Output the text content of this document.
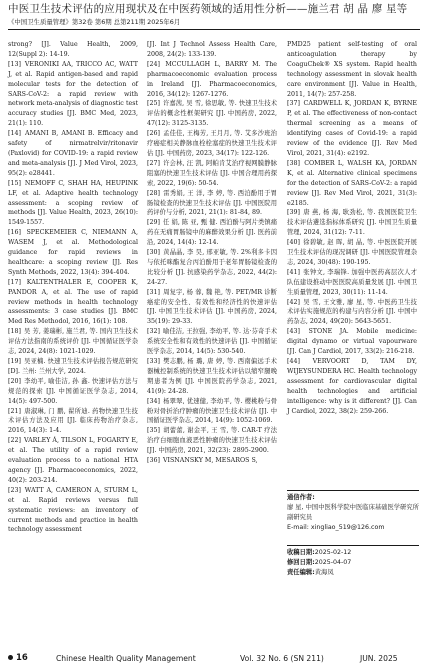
中医卫生技术评估的应用现状及在中医药领域的适用性分析——施兰君 胡 晶 廖 星等
《中国卫生质量管理》第32卷 第6期 总第211期 2025年6月
strong? [J]. Value Health, 2009, 12(Suppl 2): 14-19.
[13] VERONIKI AA, TRICCO AC, WATT J, et al. Rapid antigen-based and rapid molecular tests for the detection of SARS-CoV-2: a rapid review with network meta-analysis of diagnostic test accuracy studies [J]. BMC Med, 2023, 21(1): 110.
[14] AMANI B, AMANI B. Efficacy and safety of nirmatrelvir/ritonavir (Paxlovid) for COVID-19: a rapid review and meta-analysis [J]. J Med Virol, 2023, 95(2): e28441.
[15] NEMOFF C, SHAH HA, HEUPINK LF, et al. Adaptive health technology assessment: a scoping review of methods [J]. Value Health, 2023, 26(10): 1549-1557.
[16] SPECKEMEIER C, NIEMANN A, WASEM J, et al. Methodological guidance for rapid reviews in healthcare: a scoping review [J]. Res Synth Methods, 2022, 13(4): 394-404.
[17] KALTENTHALER E, COOPER K, PANDOR A, et al. The use of rapid review methods in health technology assessments: 3 case studies [J]. BMC Med Res Methodol, 2016, 16(1): 108.
[18] 吴 芳, 姜瑞彬, 施兰君, 等. 国内卫生技术评估方法指南的系统评价 [J]. 中国循证医学杂志, 2024, 24(8): 1021-1029.
[19] 吴亚楠. 快速卫生技术评估报告规范研究 [D]. 兰州: 兰州大学, 2024.
[20] 李幼平, 喻佳洁, 孙 鑫. 快速评估方法与规范的探索 [J]. 中国循证医学杂志, 2014, 14(5): 497-500.
[21] 唐淑琳, 门 鹏, 翟所迪. 药物快速卫生技术评估方法及应用 [J]. 临床药物治疗杂志, 2016, 14(3): 1-4.
[22] VARLEY Á, TILSON L, FOGARTY E, et al. The utility of a rapid review evaluation process to a national HTA agency [J]. Pharmacoeconomics, 2022, 40(2): 203-214.
[23] WATT A, CAMERON A, STURM L, et al. Rapid reviews versus full systematic reviews: an inventory of current methods and practice in health technology assessment
[J]. Int J Technol Assess Health Care, 2008, 24(2): 133-139.
[24] MCCULLAGH L, BARRY M. The pharmacoeconomic evaluation process in Ireland [J]. Pharmacoeconomics, 2016, 34(12): 1267-1276.
[25] 许嘉茜, 吴 雪, 徐思敏, 等. 快速卫生技术评估的概念性框架研究 [J]. 中国药房, 2022, 47(12): 3125-3135.
[26] 孟佳佳, 王梅芳, 王月月, 等. 艾多沙班治疗癌症相关静脉血栓栓塞症的快速卫生技术评估 [J]. 中国药房, 2023, 34(17): 122-126.
[27] 许会林, 汪 凯, 阿帕肯艾治疗视网膜静脉阻塞的快速卫生技术评估 [J]. 中国合理用药探索, 2022, 19(6): 50-54.
[28] 雷秀娟, 王 洋, 李 婷, 等. 西泊酚用于胃肠镜检查的快速卫生技术评估 [J]. 中国医院用药评价与分析, 2021, 21(1): 81-84, 89.
[29] 任 娟, 陈 亚, 甄 健. 西泊酚与阿片类镇痛药在无痛胃肠镜中的麻醉效果分析 [J]. 医药前沿, 2024, 14(4): 12-14.
[30] 黄晶晶, 李 昊, 邢亚敏, 等. 2%利多卡因与依托咪酯复合丙泊酚用于老年胃肠镜检查的比较分析 [J]. 抗感染药学杂志, 2022, 44(2): 24-27.
[31] 周复宇, 杨 蓉, 魏 艳, 等. PET/MR 诊断癌症的安全性、有效性和经济性的快速评估 [J]. 中国卫生技术评估 [J]. 中国药房, 2024, 35(19): 29-33.
[32] 喻佳洁, 王拉强, 李幼平, 等. 达·芬奇手术系统安全性和有效性的快速评估 [J]. 中国循证医学杂志, 2014, 14(5): 530-540.
[33] 樊志鹏, 杨 璐, 唐 婷, 等. 西南偏远手术器械控制系统的快速卫生技术评估以缩窄腿晚期患者为例 [J]. 中国医院药学杂志, 2021, 41(9): 24-28.
[34] 杨翠翠, 优速健, 李幼平, 等. 樱桃粉与骨粉对骨折治疗肿瘤的快速卫生技术评估 [J]. 中国循证医学杂志, 2014, 14(9): 1052-1069.
[35] 胡蕾蕾, 谢金平, 王 雪, 等. CAR-T 疗法治疗白细胞血液恶性肿瘤的快速卫生技术评估 [J]. 中国药房, 2021, 32(23): 2895-2900.
[36] VISNANSKY M, MESAROS S,
PMD25 patient self-testing of oral anticoagulation therapy by CoaguChek® XS system. Rapid health technology assessment in slovak health care environment [J]. Value in Health, 2011, 14(7): 257-258.
[37] CARDWELL K, JORDAN K, BYRNE P, et al. The effectiveness of non-contact thermal screening as a means of identifying cases of Covid-19: a rapid review of the evidence [J]. Rev Med Virol, 2021, 31(4): e2192.
[38] COMBER L, WALSH KA, JORDAN K, et al. Alternative clinical specimens for the detection of SARS-CoV-2: a rapid review [J]. Rev Med Virol, 2021, 31(3): e2185.
[39] 唐 燕, 杨 海, 耿劲松, 等. 我国医院卫生技术评估遴选指标体系研究 [J]. 中国卫生质量管理, 2024, 31(12): 7-11.
[40] 徐碧敏, 赵 晖, 胡 晶, 等. 中医医院开展卫生技术评估的现况调研 [J]. 中国医院管理杂志, 2024, 30(48): 190-195.
[41] 张钟文, 李瑞锋. 加强中医药高层次人才队伍建设推动中医医院高质量发展 [J]. 中国卫生质量管理, 2023, 30(11): 11-14.
[42] 吴 雪, 王文雅, 廖 星, 等. 中医药卫生技术评估实施规范的构建与内容分析 [J]. 中国中药杂志, 2024, 49(20): 5643-5651.
[43] STONE JA. Mobile medicine: digital dynamo or virtual vapourware [J]. Can J Cardiol, 2017, 33(2): 216-218.
[44] VERVOORT D, TAM DY, WIJEYSUNDERA HC. Health technology assessment for cardiovascular digital health technologies and artificial intelligence: why is it different? [J]. Can J Cardiol, 2022, 38(2): 259-266.
通信作者:
廖 星, 中国中医科学院中医临床基础医学研究所副研究员
E-mail: xingliao_519@126.com
收稿日期:2025-02-12
修回日期:2025-04-07
责任编辑:黄海凤
16	Chinese Health Quality Management	Vol. 32 No. 6 (SN 211)	JUN. 2025
